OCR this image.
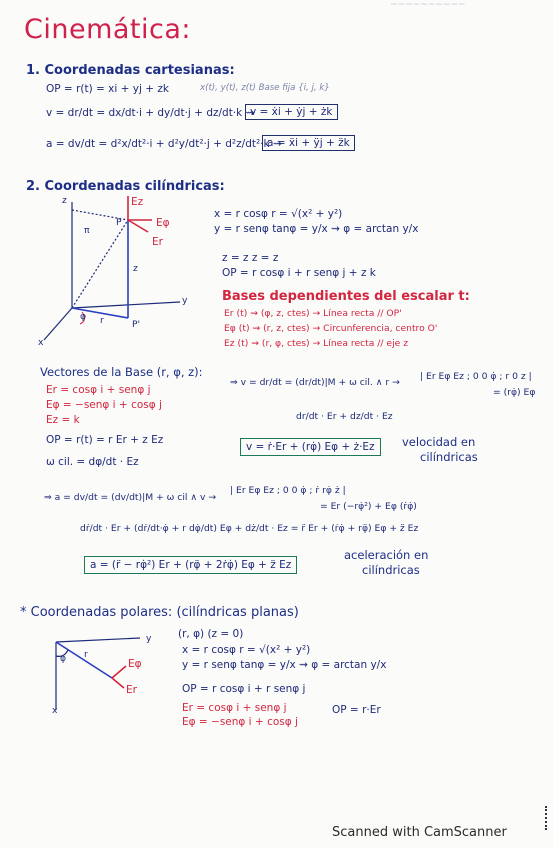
~~~~~~~~~~
Cinemática:
1. Coordenadas cartesianas:
OP = r(t) = xi + yj + zk	x(t), y(t), z(t) Base fija {i, j, k}
v = dr/dt = dx/dt·i + dy/dt·j + dz/dt·k ⇝
v = ẋi + ẏj + żk
a = dv/dt = d²x/dt²·i + d²y/dt²·j + d²z/dt²·k ⇝
a = ẍi + ÿj + z̈k
2. Coordenadas cilíndricas:
Ez
Eφ
Er
P
P'
y
x
z
φ r
π
z
x = r cosφ r = √(x² + y²)
y = r senφ tanφ = y/x ⇝ φ = arctan y/x
z = z z = z
OP = r cosφ i + r senφ j + z k
Bases dependientes del escalar t:
Er (t) ⇝ (φ, z, ctes) → Línea recta // OP'
Eφ (t) ⇝ (r, z, ctes) → Circunferencia, centro O'
Ez (t) ⇝ (r, φ, ctes) → Línea recta // eje z
Vectores de la Base (r, φ, z):
Er = cosφ i + senφ j
Eφ = −senφ i + cosφ j
Ez = k
OP = r(t) = r Er + z Ez
ω cil. = dφ/dt · Ez
⇒ v = dr/dt = (dr/dt)|M + ω cil. ∧ r →
| Er Eφ Ez ; 0 0 φ̇ ; r 0 z |
= (rφ̇) Eφ
dr/dt · Er + dz/dt · Ez
v = ṙ·Er + (rφ̇) Eφ + ż·Ez	velocidad en
cilíndricas
⇒ a = dv/dt = (dv/dt)|M + ω cil ∧ v →
| Er Eφ Ez ; 0 0 φ̇ ; ṙ rφ̇ ż |
= Er (−rφ̇²) + Eφ (ṙφ̇)
dṙ/dt · Er + (dṙ/dt·φ̇ + r dφ̇/dt) Eφ + dż/dt · Ez = r̈ Er + (ṙφ̇ + rφ̈) Eφ + z̈ Ez
a = (r̈ − rφ̇²) Er + (rφ̈ + 2ṙφ̇) Eφ + z̈ Ez
aceleración en
cilíndricas
* Coordenadas polares: (cilíndricas planas)
(r, φ) (z = 0)
y
x
φ r
Eφ
Er
x = r cosφ r = √(x² + y²)
y = r senφ tanφ = y/x ⇝ φ = arctan y/x
OP = r cosφ i + r senφ j
Er = cosφ i + senφ j
Eφ = −senφ i + cosφ j
OP = r·Er
Scanned with CamScanner
